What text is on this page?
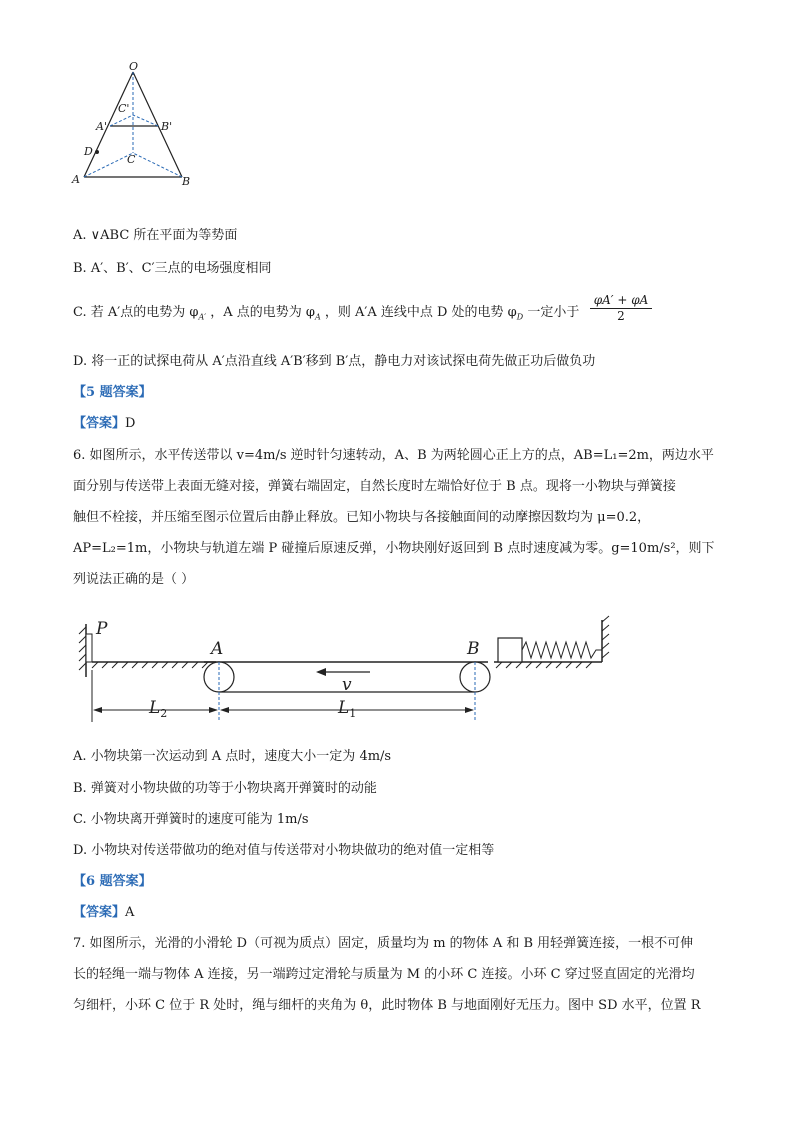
O
C'
A'	B'
D
C
A	B
A. ∨ABC 所在平面为等势面
B. A′、B′、C′三点的电场强度相同
C. 若 A′点的电势为 $\varphi_{A'}$ ，A 点的电势为 $\varphi_A$ ，则 A′A 连线中点 D 处的电势 $\varphi_D$ 一定小于 $\frac{\varphi A' + \varphi A}{2}$
D. 将一正的试探电荷从 A′点沿直线 A′B′移到 B′点，静电力对该试探电荷先做正功后做负功
【5 题答案】
【答案】D
6. 如图所示，水平传送带以 v=4m/s 逆时针匀速转动，A、B 为两轮圆心正上方的点，AB=L₁=2m，两边水平
面分别与传送带上表面无缝对接，弹簧右端固定，自然长度时左端恰好位于 B 点。现将一小物块与弹簧接
触但不栓接，并压缩至图示位置后由静止释放。已知小物块与各接触面间的动摩擦因数均为 μ=0.2，
AP=L₂=1m，小物块与轨道左端 P 碰撞后原速反弹，小物块刚好返回到 B 点时速度减为零。g=10m/s²，则下
列说法正确的是（ ）
P
A	B
v
$L_2$	$L_1$
A. 小物块第一次运动到 A 点时，速度大小一定为 4m/s
B. 弹簧对小物块做的功等于小物块离开弹簧时的动能
C. 小物块离开弹簧时的速度可能为 1m/s
D. 小物块对传送带做功的绝对值与传送带对小物块做功的绝对值一定相等
【6 题答案】
【答案】A
7. 如图所示，光滑的小滑轮 D（可视为质点）固定，质量均为 m 的物体 A 和 B 用轻弹簧连接，一根不可伸
长的轻绳一端与物体 A 连接，另一端跨过定滑轮与质量为 M 的小环 C 连接。小环 C 穿过竖直固定的光滑均
匀细杆，小环 C 位于 R 处时，绳与细杆的夹角为 θ，此时物体 B 与地面刚好无压力。图中 SD 水平，位置 R
